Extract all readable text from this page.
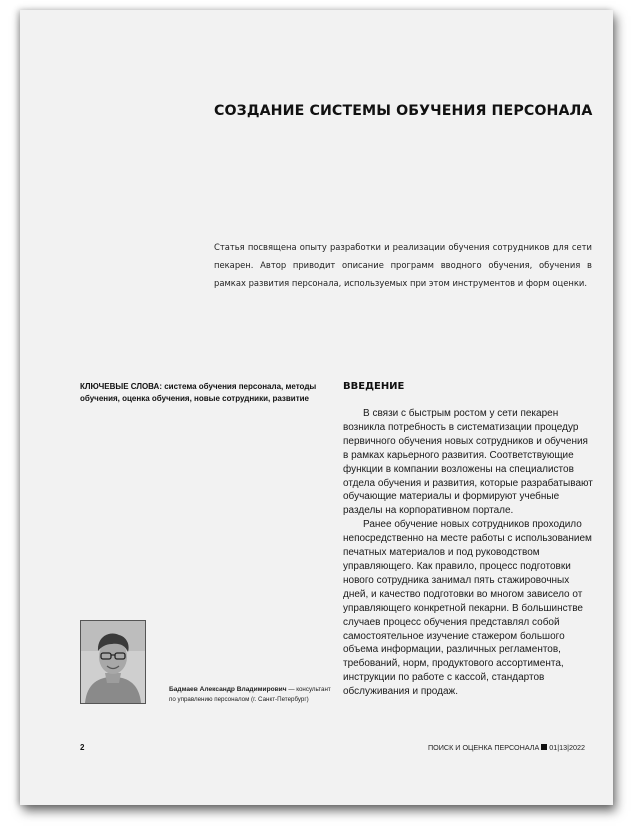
СОЗДАНИЕ СИСТЕМЫ ОБУЧЕНИЯ ПЕРСОНАЛА
Статья посвящена опыту разработки и реализации обучения сотрудников для сети пекарен. Автор приводит описание программ вводного обучения, обучения в рамках развития персонала, используемых при этом инструментов и форм оценки.
КЛЮЧЕВЫЕ СЛОВА: система обучения персонала, методы обучения, оценка обучения, новые сотрудники, развитие
ВВЕДЕНИЕ

В связи с быстрым ростом у сети пекарен возникла потребность в систематизации процедур первичного обучения новых сотрудников и обучения в рамках карьерного развития. Соответствующие функции в компании возложены на специалистов отдела обучения и развития, которые разрабатывают обучающие материалы и формируют учебные разделы на корпоративном портале.

Ранее обучение новых сотрудников проходило непосредственно на месте работы с использованием печатных материалов и под руководством управляющего. Как правило, процесс подготовки нового сотрудника занимал пять стажировочных дней, и качество подготовки во многом зависело от управляющего конкретной пекарни. В большинстве случаев процесс обучения представлял собой самостоятельное изучение стажером большого объема информации, различных регламентов, требований, норм, продуктового ассортимента, инструкции по работе с кассой, стандартов обслуживания и продаж.

Бадмаев Александр Владимирович — консультант по управлению персоналом (г. Санкт-Петербург)
2	ПОИСК И ОЦЕНКА ПЕРСОНАЛА 01|13|2022
